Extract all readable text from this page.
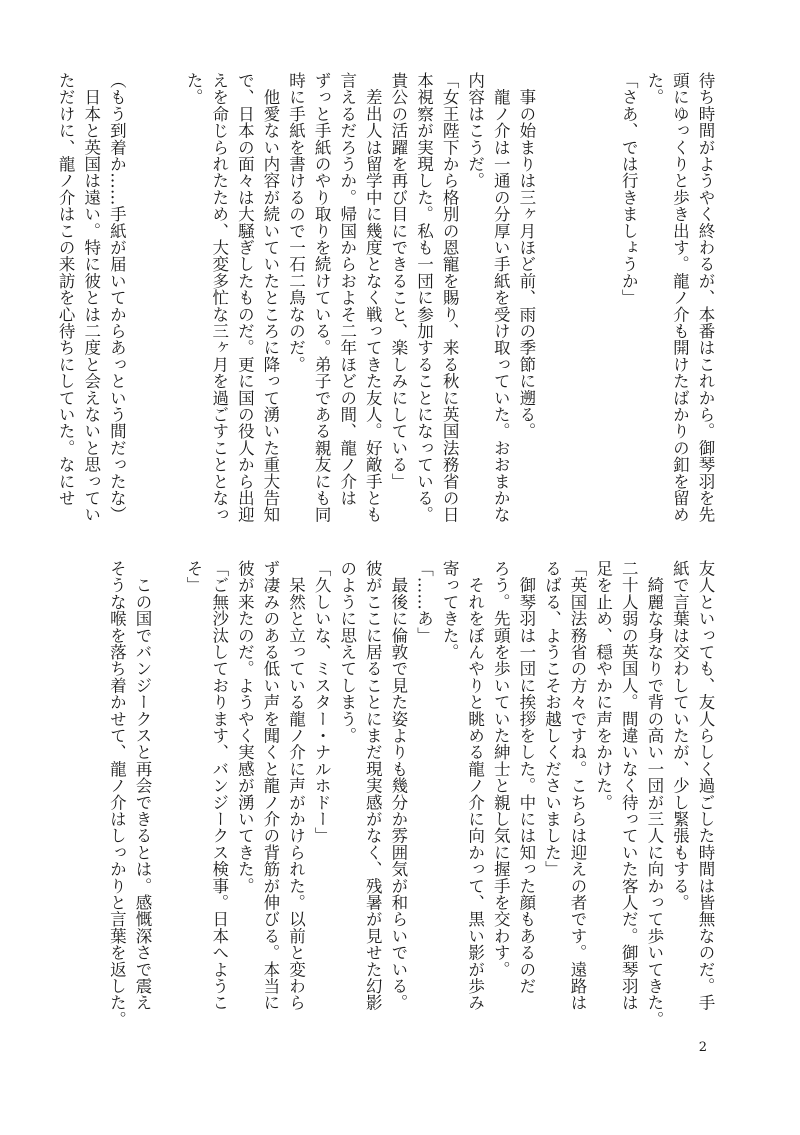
待ち時間がようやく終わるが、本番はこれから。御琴羽を先
頭にゆっくりと歩き出す。龍ノ介も開けたばかりの釦を留め
た。
「さあ、では行きましょうか」

　事の始まりは三ヶ月ほど前、雨の季節に遡る。
　龍ノ介は一通の分厚い手紙を受け取っていた。おおまかな
内容はこうだ。
「女王陛下から格別の恩寵を賜り、来る秋に英国法務省の日
本視察が実現した。私も一団に参加することになっている。
貴公の活躍を再び目にできること、楽しみにしている」
　差出人は留学中に幾度となく戦ってきた友人。好敵手とも
言えるだろうか。帰国からおよそ二年ほどの間、龍ノ介は
ずっと手紙のやり取りを続けている。弟子である親友にも同
時に手紙を書けるので一石二鳥なのだ。
　他愛ない内容が続いていたところに降って湧いた重大告知
で、日本の面々は大騒ぎしたものだ。更に国の役人から出迎
えを命じられたため、大変多忙な三ヶ月を過ごすこととなっ
た。

（もう到着か……手紙が届いてからあっという間だったな）
　日本と英国は遠い。特に彼とは二度と会えないと思ってい
ただけに、龍ノ介はこの来訪を心待ちにしていた。なにせ
友人といっても、友人らしく過ごした時間は皆無なのだ。手
紙で言葉は交わしていたが、少し緊張もする。
　綺麗な身なりで背の高い一団が三人に向かって歩いてきた。
二十人弱の英国人。間違いなく待っていた客人だ。御琴羽は
足を止め、穏やかに声をかけた。
「英国法務省の方々ですね。こちらは迎えの者です。遠路は
るばる、ようこそお越しくださいました」
　御琴羽は一団に挨拶をした。中には知った顔もあるのだ
ろう。先頭を歩いていた紳士と親し気に握手を交わす。
　それをぼんやりと眺める龍ノ介に向かって、黒い影が歩み
寄ってきた。
「……あ」
　最後に倫敦で見た姿よりも幾分か雰囲気が和らいでいる。
彼がここに居ることにまだ現実感がなく、残暑が見せた幻影
のように思えてしまう。
「久しいな、ミスター・ナルホドー」
　呆然と立っている龍ノ介に声がかけられた。以前と変わら
ず凄みのある低い声を聞くと龍ノ介の背筋が伸びる。本当に
彼が来たのだ。ようやく実感が湧いてきた。
「ご無沙汰しております、バンジークス検事。日本へようこ
そ」

　この国でバンジークスと再会できるとは。感慨深さで震え
そうな喉を落ち着かせて、龍ノ介はしっかりと言葉を返した。
2
